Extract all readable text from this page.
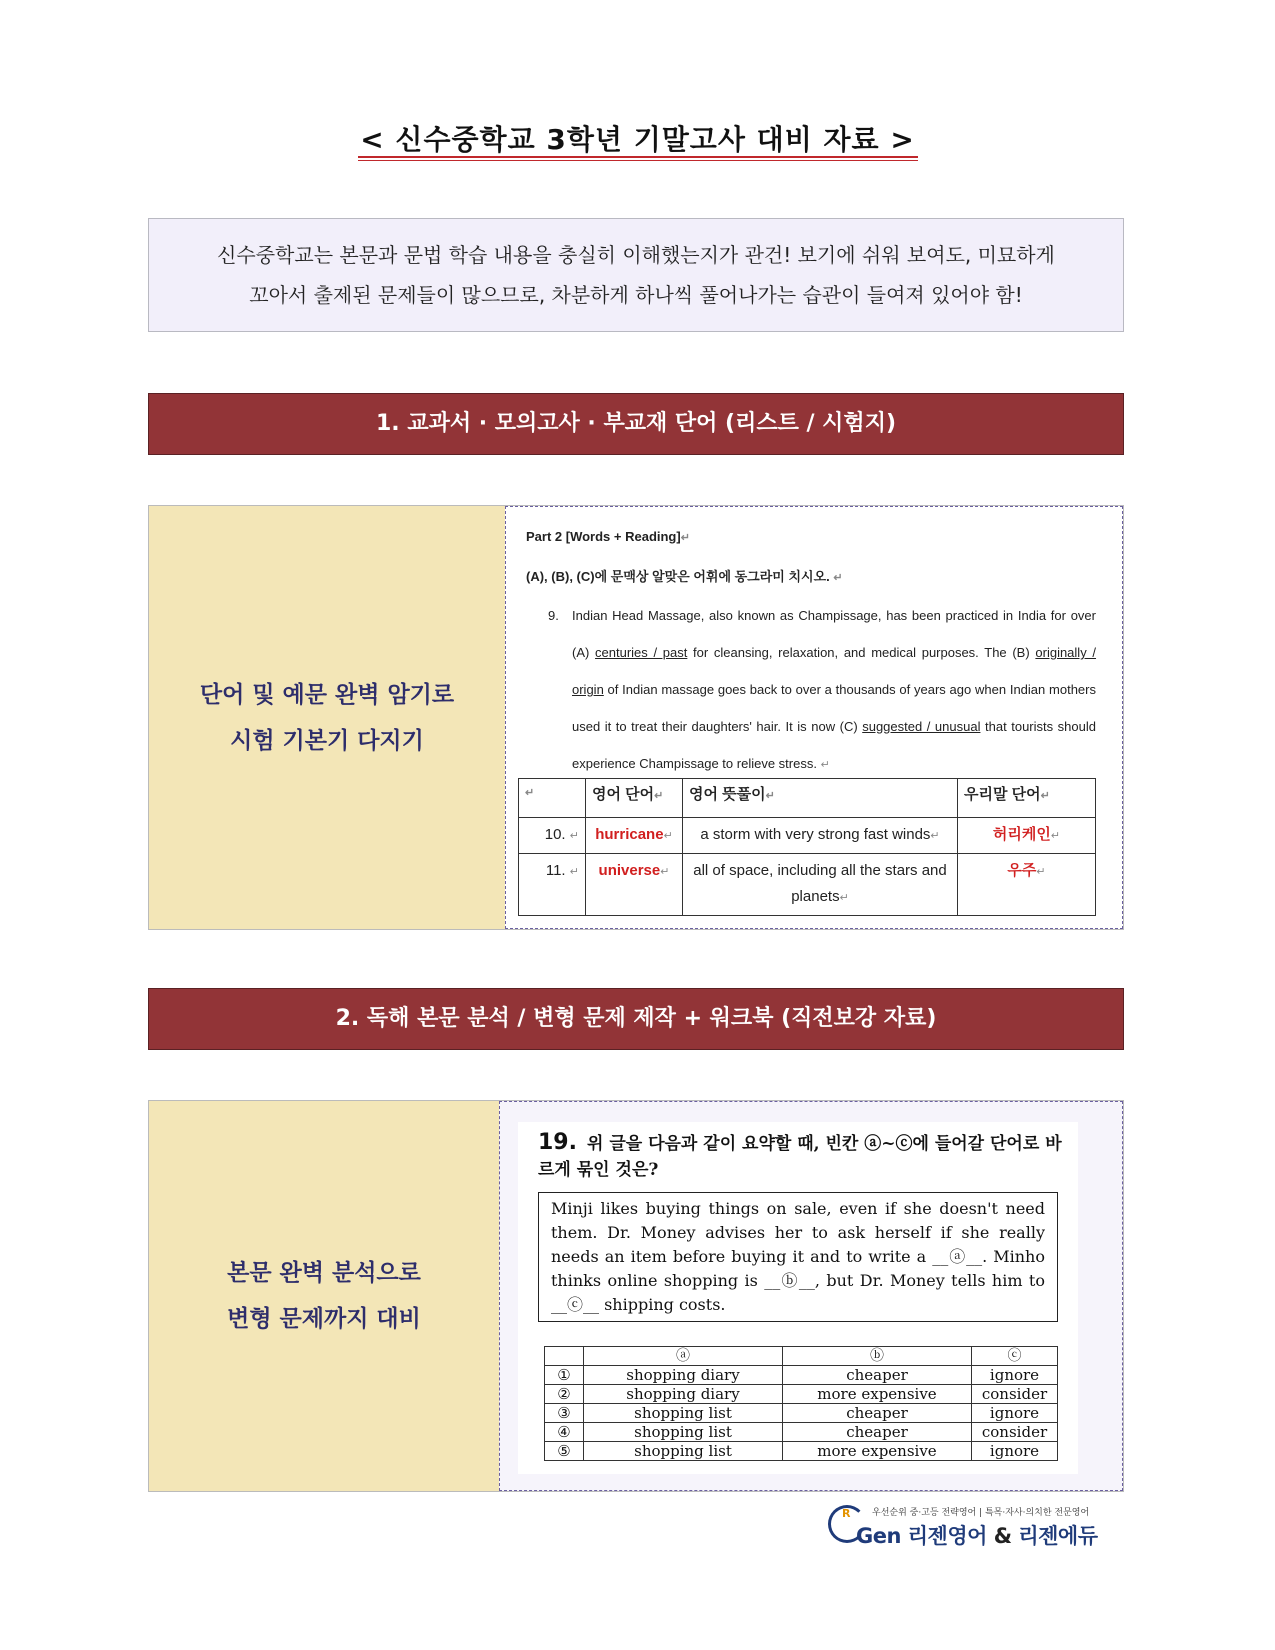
< 신수중학교 3학년 기말고사 대비 자료 >
신수중학교는 본문과 문법 학습 내용을 충실히 이해했는지가 관건! 보기에 쉬워 보여도, 미묘하게
꼬아서 출제된 문제들이 많으므로, 차분하게 하나씩 풀어나가는 습관이 들여져 있어야 함!
1. 교과서 · 모의고사 · 부교재 단어 (리스트 / 시험지)
단어 및 예문 완벽 암기로
시험 기본기 다지기
Part 2 [Words + Reading]↵
(A), (B), (C)에 문맥상 알맞은 어휘에 동그라미 치시오. ↵
9. Indian Head Massage, also known as Champissage, has been practiced in India for over (A) centuries / past for cleansing, relaxation, and medical purposes. The (B) originally / origin of Indian massage goes back to over a thousands of years ago when Indian mothers used it to treat their daughters' hair. It is now (C) suggested / unusual that tourists should experience Champissage to relieve stress. ↵
↵	영어 단어↵	영어 뜻풀이↵	우리말 단어↵
10. ↵	hurricane↵	a storm with very strong fast winds↵	허리케인↵
11. ↵	universe↵	all of space, including all the stars and planets↵	우주↵
2. 독해 본문 분석 / 변형 문제 제작 + 워크북 (직전보강 자료)
본문 완벽 분석으로
변형 문제까지 대비
19. 위 글을 다음과 같이 요약할 때, 빈칸 ⓐ~ⓒ에 들어갈 단어로 바르게 묶인 것은?
Minji likes buying things on sale, even if she doesn't need them. Dr. Money advises her to ask herself if she really needs an item before buying it and to write a __ⓐ__. Minho thinks online shopping is __ⓑ__, but Dr. Money tells him to __ⓒ__ shipping costs.
	ⓐ	ⓑ	ⓒ
①	shopping diary	cheaper	ignore
②	shopping diary	more expensive	consider
③	shopping list	cheaper	ignore
④	shopping list	cheaper	consider
⑤	shopping list	more expensive	ignore
R 우선순위 중·고등 전략영어 | 특목·자사·의치한 전문영어
Gen 리젠영어 & 리젠에듀
